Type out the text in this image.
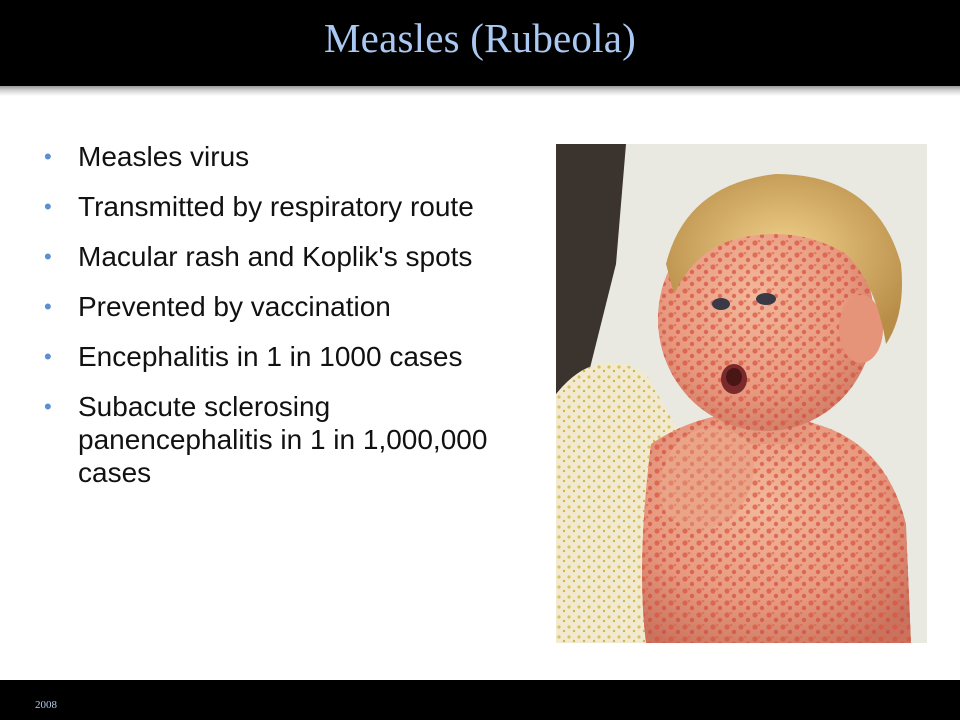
Measles (Rubeola)
• Measles virus
• Transmitted by respiratory route
• Macular rash and Koplik's spots
• Prevented by vaccination
• Encephalitis in 1 in 1000 cases
• Subacute sclerosing panencephalitis in 1 in 1,000,000 cases
2008
